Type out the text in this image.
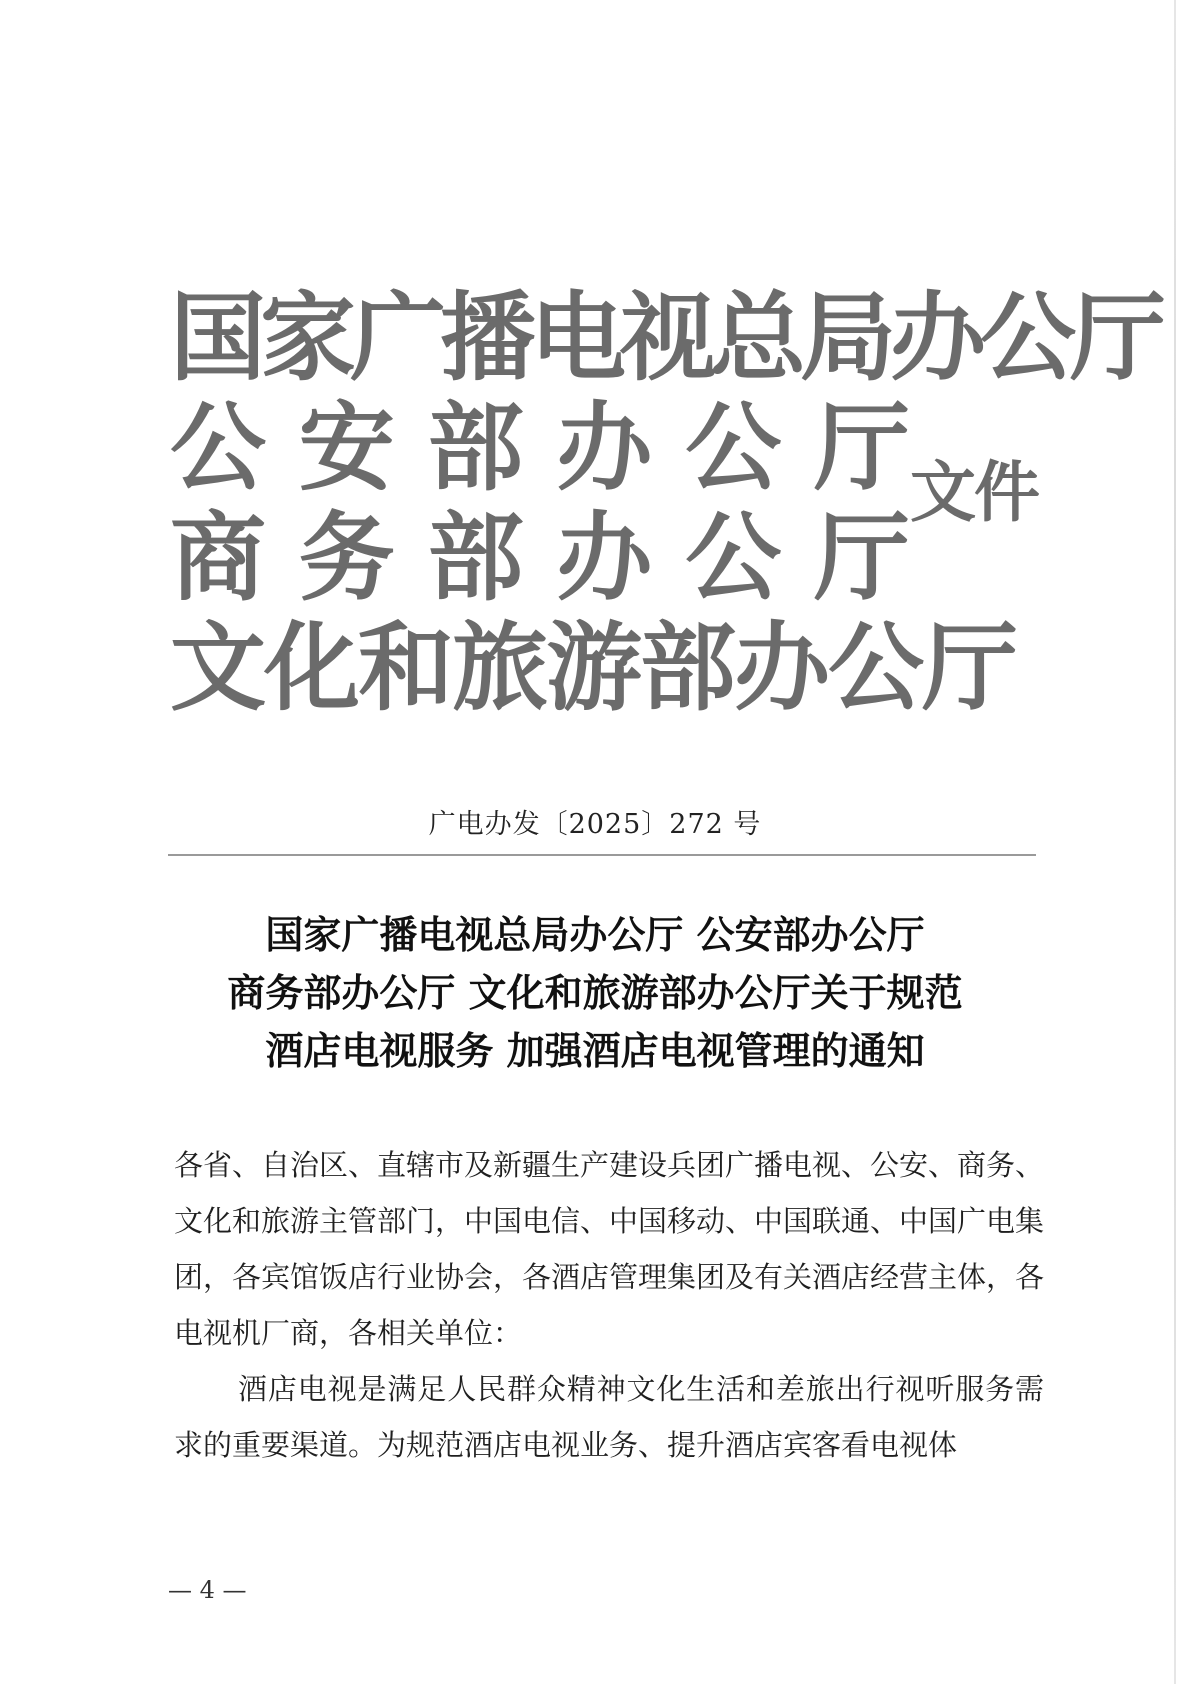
国家广播电视总局办公厅
公 安 部 办 公 厅
商 务 部 办 公 厅
文化和旅游部办公厅
文件
广电办发〔2025〕272 号
国家广播电视总局办公厅 公安部办公厅
商务部办公厅 文化和旅游部办公厅关于规范
酒店电视服务 加强酒店电视管理的通知

各省、自治区、直辖市及新疆生产建设兵团广播电视、公安、商务、文化和旅游主管部门，中国电信、中国移动、中国联通、中国广电集团，各宾馆饭店行业协会，各酒店管理集团及有关酒店经营主体，各电视机厂商，各相关单位：

酒店电视是满足人民群众精神文化生活和差旅出行视听服务需求的重要渠道。为规范酒店电视业务、提升酒店宾客看电视体

— 4 —
